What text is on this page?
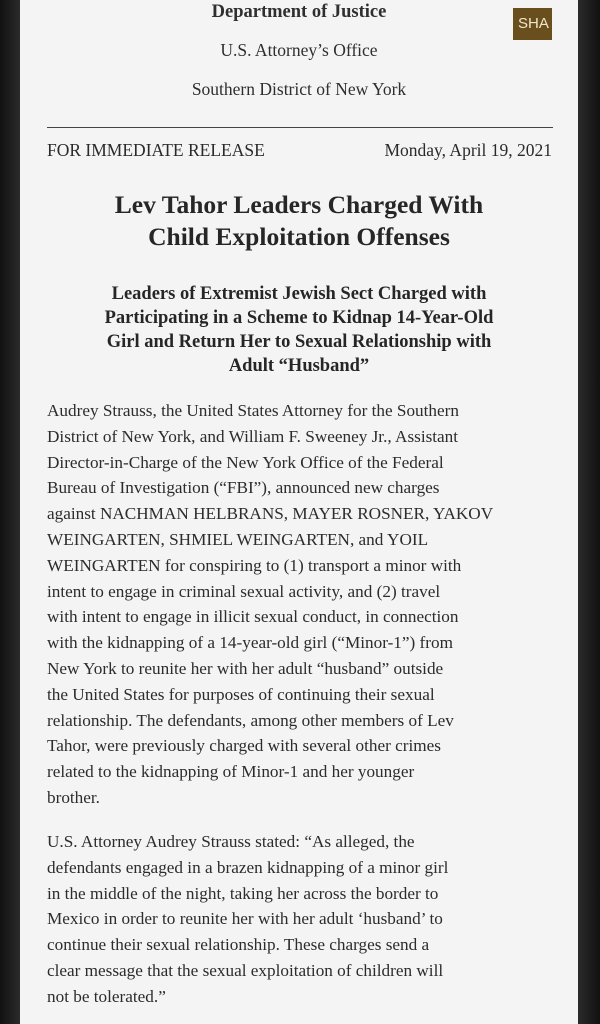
SHA
Department of Justice
U.S. Attorney’s Office
Southern District of New York
FOR IMMEDIATE RELEASE	Monday, April 19, 2021
Lev Tahor Leaders Charged With
Child Exploitation Offenses
Leaders of Extremist Jewish Sect Charged with
Participating in a Scheme to Kidnap 14-Year-Old
Girl and Return Her to Sexual Relationship with
Adult “Husband”
Audrey Strauss, the United States Attorney for the Southern
District of New York, and William F. Sweeney Jr., Assistant
Director-in-Charge of the New York Office of the Federal
Bureau of Investigation (“FBI”), announced new charges
against NACHMAN HELBRANS, MAYER ROSNER, YAKOV
WEINGARTEN, SHMIEL WEINGARTEN, and YOIL
WEINGARTEN for conspiring to (1) transport a minor with
intent to engage in criminal sexual activity, and (2) travel
with intent to engage in illicit sexual conduct, in connection
with the kidnapping of a 14-year-old girl (“Minor-1”) from
New York to reunite her with her adult “husband” outside
the United States for purposes of continuing their sexual
relationship. The defendants, among other members of Lev
Tahor, were previously charged with several other crimes
related to the kidnapping of Minor-1 and her younger
brother.
U.S. Attorney Audrey Strauss stated: “As alleged, the
defendants engaged in a brazen kidnapping of a minor girl
in the middle of the night, taking her across the border to
Mexico in order to reunite her with her adult ‘husband’ to
continue their sexual relationship. These charges send a
clear message that the sexual exploitation of children will
not be tolerated.”
